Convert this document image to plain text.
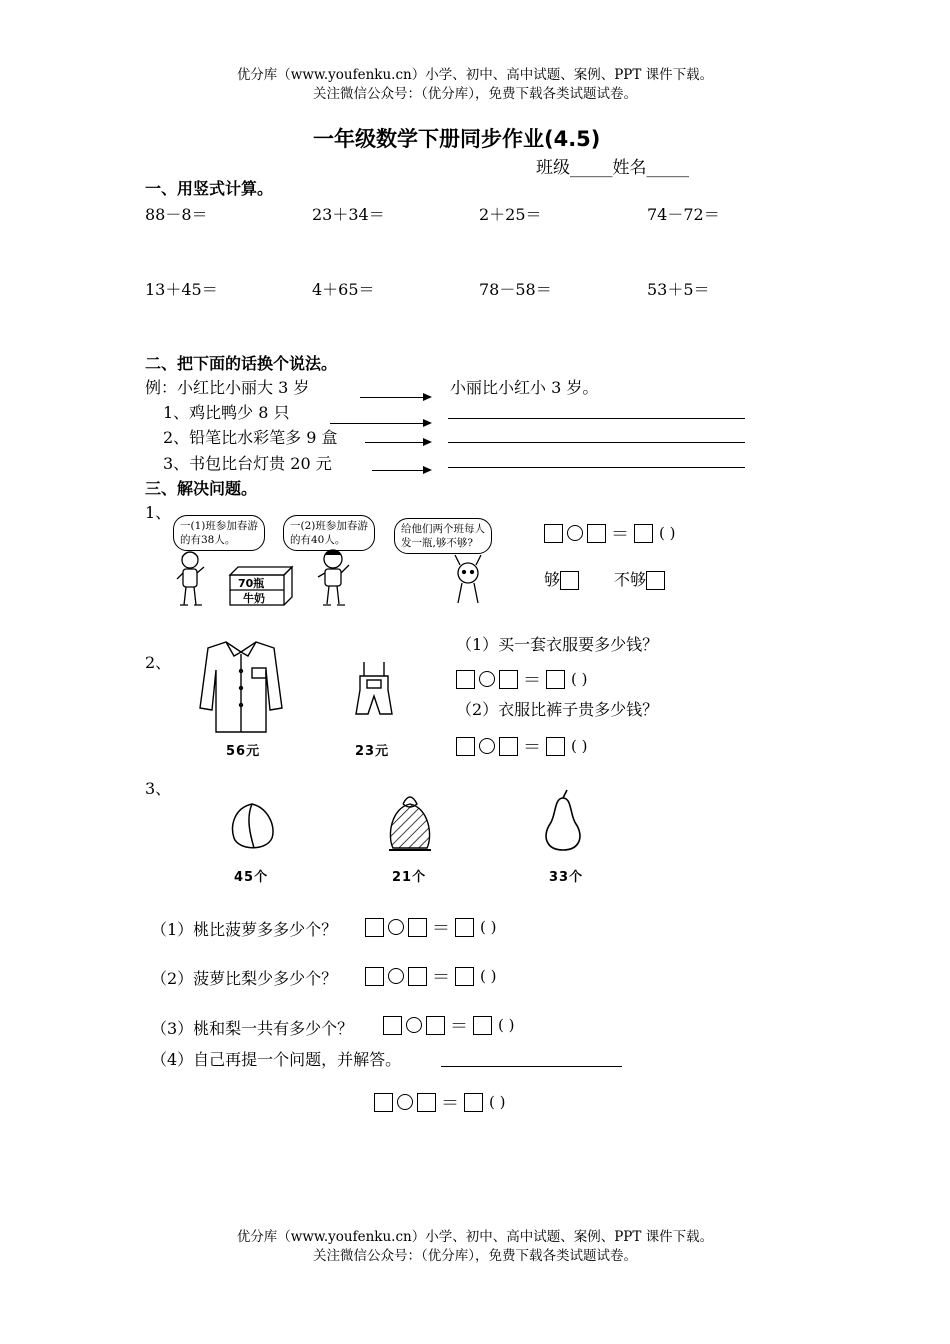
优分库（www.youfenku.cn）小学、初中、高中试题、案例、PPT 课件下载。
关注微信公众号：（优分库），免费下载各类试题试卷。
一年级数学下册同步作业(4.5)
班级_____姓名_____
一、用竖式计算。
88－8＝	23＋34＝	2＋25＝	74－72＝
13＋45＝	4＋65＝	78－58＝	53＋5＝
二、把下面的话换个说法。
例：小红比小丽大 3 岁	小丽比小红小 3 岁。
1、鸡比鸭少 8 只
2、铅笔比水彩笔多 9 盒
3、书包比台灯贵 20 元
三、解决问题。
1、
一(1)班参加春游
的有38人。
一(2)班参加春游
的有40人。
给他们两个班每人
发一瓶,够不够?
70瓶
牛奶
＝ ( )
够	不够
2、
56元	23元
（1）买一套衣服要多少钱？
＝ ( )
（2）衣服比裤子贵多少钱？
＝ ( )
3、
45个	21个	33个
（1）桃比菠萝多多少个？	＝ ( )
（2）菠萝比梨少多少个？	＝ ( )
（3）桃和梨一共有多少个？	＝ ( )
（4）自己再提一个问题，并解答。
＝ ( )
优分库（www.youfenku.cn）小学、初中、高中试题、案例、PPT 课件下载。
关注微信公众号：（优分库），免费下载各类试题试卷。
